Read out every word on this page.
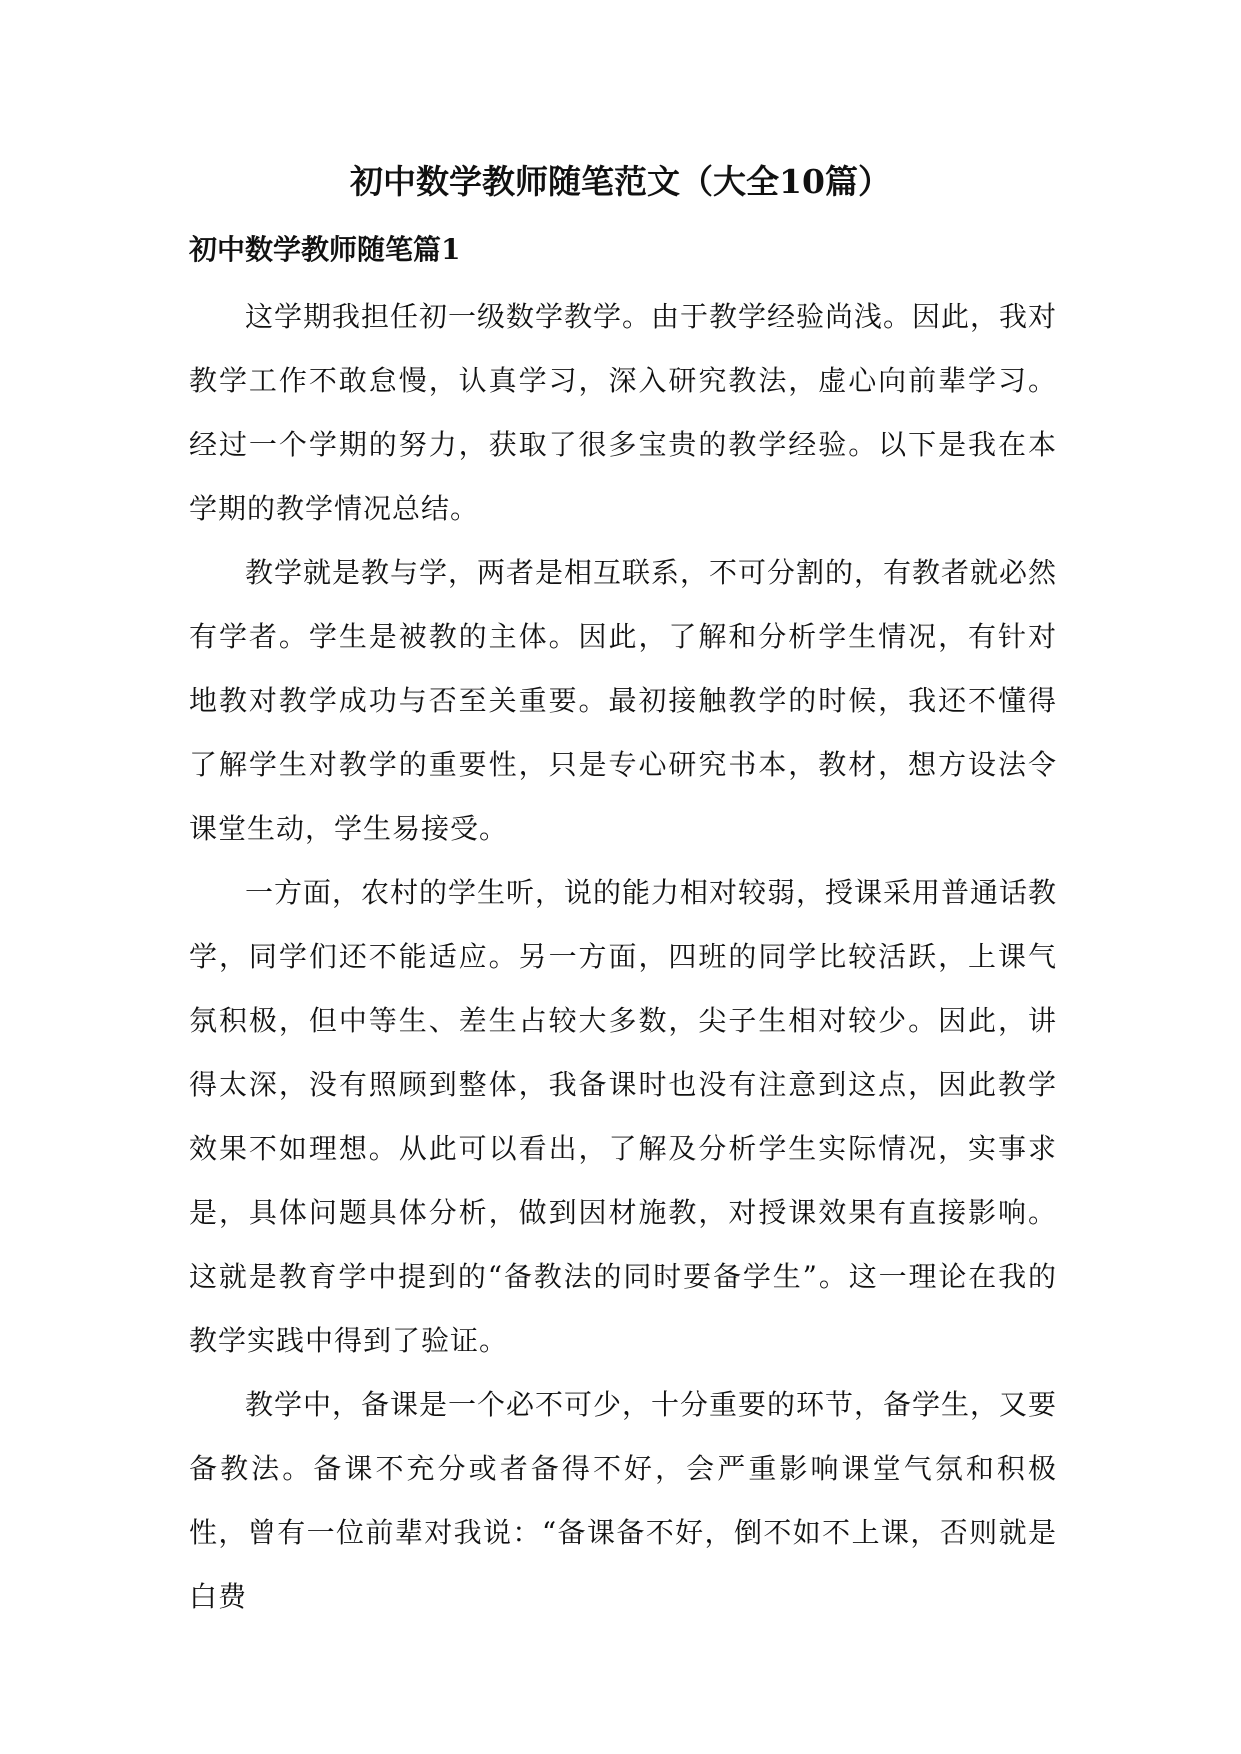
初中数学教师随笔范文（大全10篇）
初中数学教师随笔篇1

这学期我担任初一级数学教学。由于教学经验尚浅。因此，我对教学工作不敢怠慢，认真学习，深入研究教法，虚心向前辈学习。经过一个学期的努力，获取了很多宝贵的教学经验。以下是我在本学期的教学情况总结。

教学就是教与学，两者是相互联系，不可分割的，有教者就必然有学者。学生是被教的主体。因此，了解和分析学生情况，有针对地教对教学成功与否至关重要。最初接触教学的时候，我还不懂得了解学生对教学的重要性，只是专心研究书本，教材，想方设法令课堂生动，学生易接受。

一方面，农村的学生听，说的能力相对较弱，授课采用普通话教学，同学们还不能适应。另一方面，四班的同学比较活跃，上课气氛积极，但中等生、差生占较大多数，尖子生相对较少。因此，讲得太深，没有照顾到整体，我备课时也没有注意到这点，因此教学效果不如理想。从此可以看出，了解及分析学生实际情况，实事求是，具体问题具体分析，做到因材施教，对授课效果有直接影响。这就是教育学中提到的“备教法的同时要备学生”。这一理论在我的教学实践中得到了验证。

教学中，备课是一个必不可少，十分重要的环节，备学生，又要备教法。备课不充分或者备得不好，会严重影响课堂气氛和积极性，曾有一位前辈对我说：“备课备不好，倒不如不上课，否则就是白费
